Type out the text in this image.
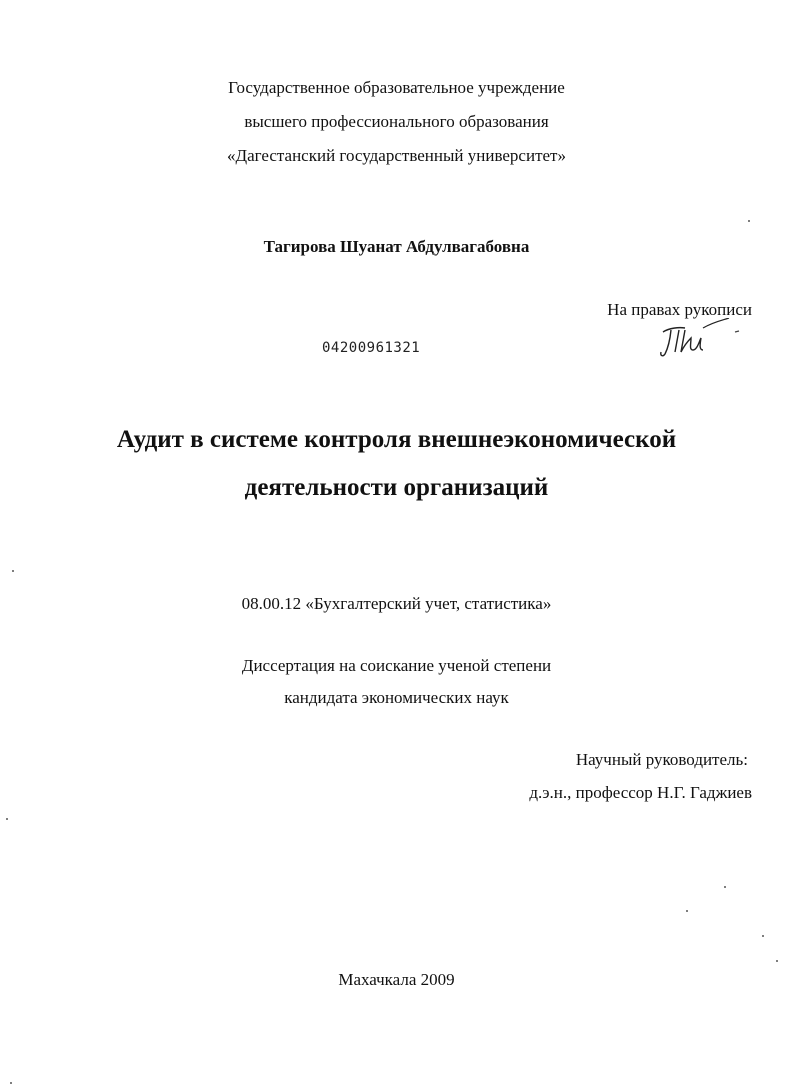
Государственное образовательное учреждение
высшего профессионального образования
«Дагестанский государственный университет»
Тагирова Шуанат Абдулвагабовна
На правах рукописи
04200961321
Аудит в системе контроля внешнеэкономической
деятельности организаций
08.00.12 «Бухгалтерский учет, статистика»
Диссертация на соискание ученой степени
кандидата экономических наук
Научный руководитель:
д.э.н., профессор Н.Г. Гаджиев
Махачкала 2009
